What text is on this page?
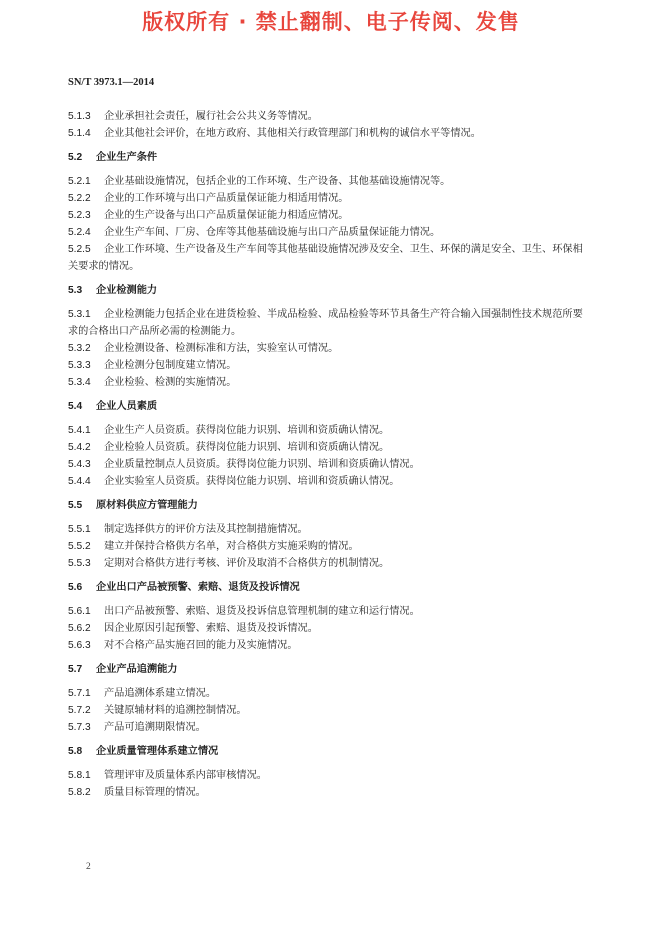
版权所有 · 禁止翻制、电子传阅、发售
SN/T 3973.1—2014
5.1.3 企业承担社会责任，履行社会公共义务等情况。
5.1.4 企业其他社会评价，在地方政府、其他相关行政管理部门和机构的诚信水平等情况。
5.2 企业生产条件
5.2.1 企业基础设施情况，包括企业的工作环境、生产设备、其他基础设施情况等。
5.2.2 企业的工作环境与出口产品质量保证能力相适用情况。
5.2.3 企业的生产设备与出口产品质量保证能力相适应情况。
5.2.4 企业生产车间、厂房、仓库等其他基础设施与出口产品质量保证能力情况。
5.2.5 企业工作环境、生产设备及生产车间等其他基础设施情况涉及安全、卫生、环保的满足安全、卫生、环保相关要求的情况。
5.3 企业检测能力
5.3.1 企业检测能力包括企业在进货检验、半成品检验、成品检验等环节具备生产符合输入国强制性技术规范所要求的合格出口产品所必需的检测能力。
5.3.2 企业检测设备、检测标准和方法，实验室认可情况。
5.3.3 企业检测分包制度建立情况。
5.3.4 企业检验、检测的实施情况。
5.4 企业人员素质
5.4.1 企业生产人员资质。获得岗位能力识别、培训和资质确认情况。
5.4.2 企业检验人员资质。获得岗位能力识别、培训和资质确认情况。
5.4.3 企业质量控制点人员资质。获得岗位能力识别、培训和资质确认情况。
5.4.4 企业实验室人员资质。获得岗位能力识别、培训和资质确认情况。
5.5 原材料供应方管理能力
5.5.1 制定选择供方的评价方法及其控制措施情况。
5.5.2 建立并保持合格供方名单，对合格供方实施采购的情况。
5.5.3 定期对合格供方进行考核、评价及取消不合格供方的机制情况。
5.6 企业出口产品被预警、索赔、退货及投诉情况
5.6.1 出口产品被预警、索赔、退货及投诉信息管理机制的建立和运行情况。
5.6.2 因企业原因引起预警、索赔、退货及投诉情况。
5.6.3 对不合格产品实施召回的能力及实施情况。
5.7 企业产品追溯能力
5.7.1 产品追溯体系建立情况。
5.7.2 关键原辅材料的追溯控制情况。
5.7.3 产品可追溯期限情况。
5.8 企业质量管理体系建立情况
5.8.1 管理评审及质量体系内部审核情况。
5.8.2 质量目标管理的情况。
2
